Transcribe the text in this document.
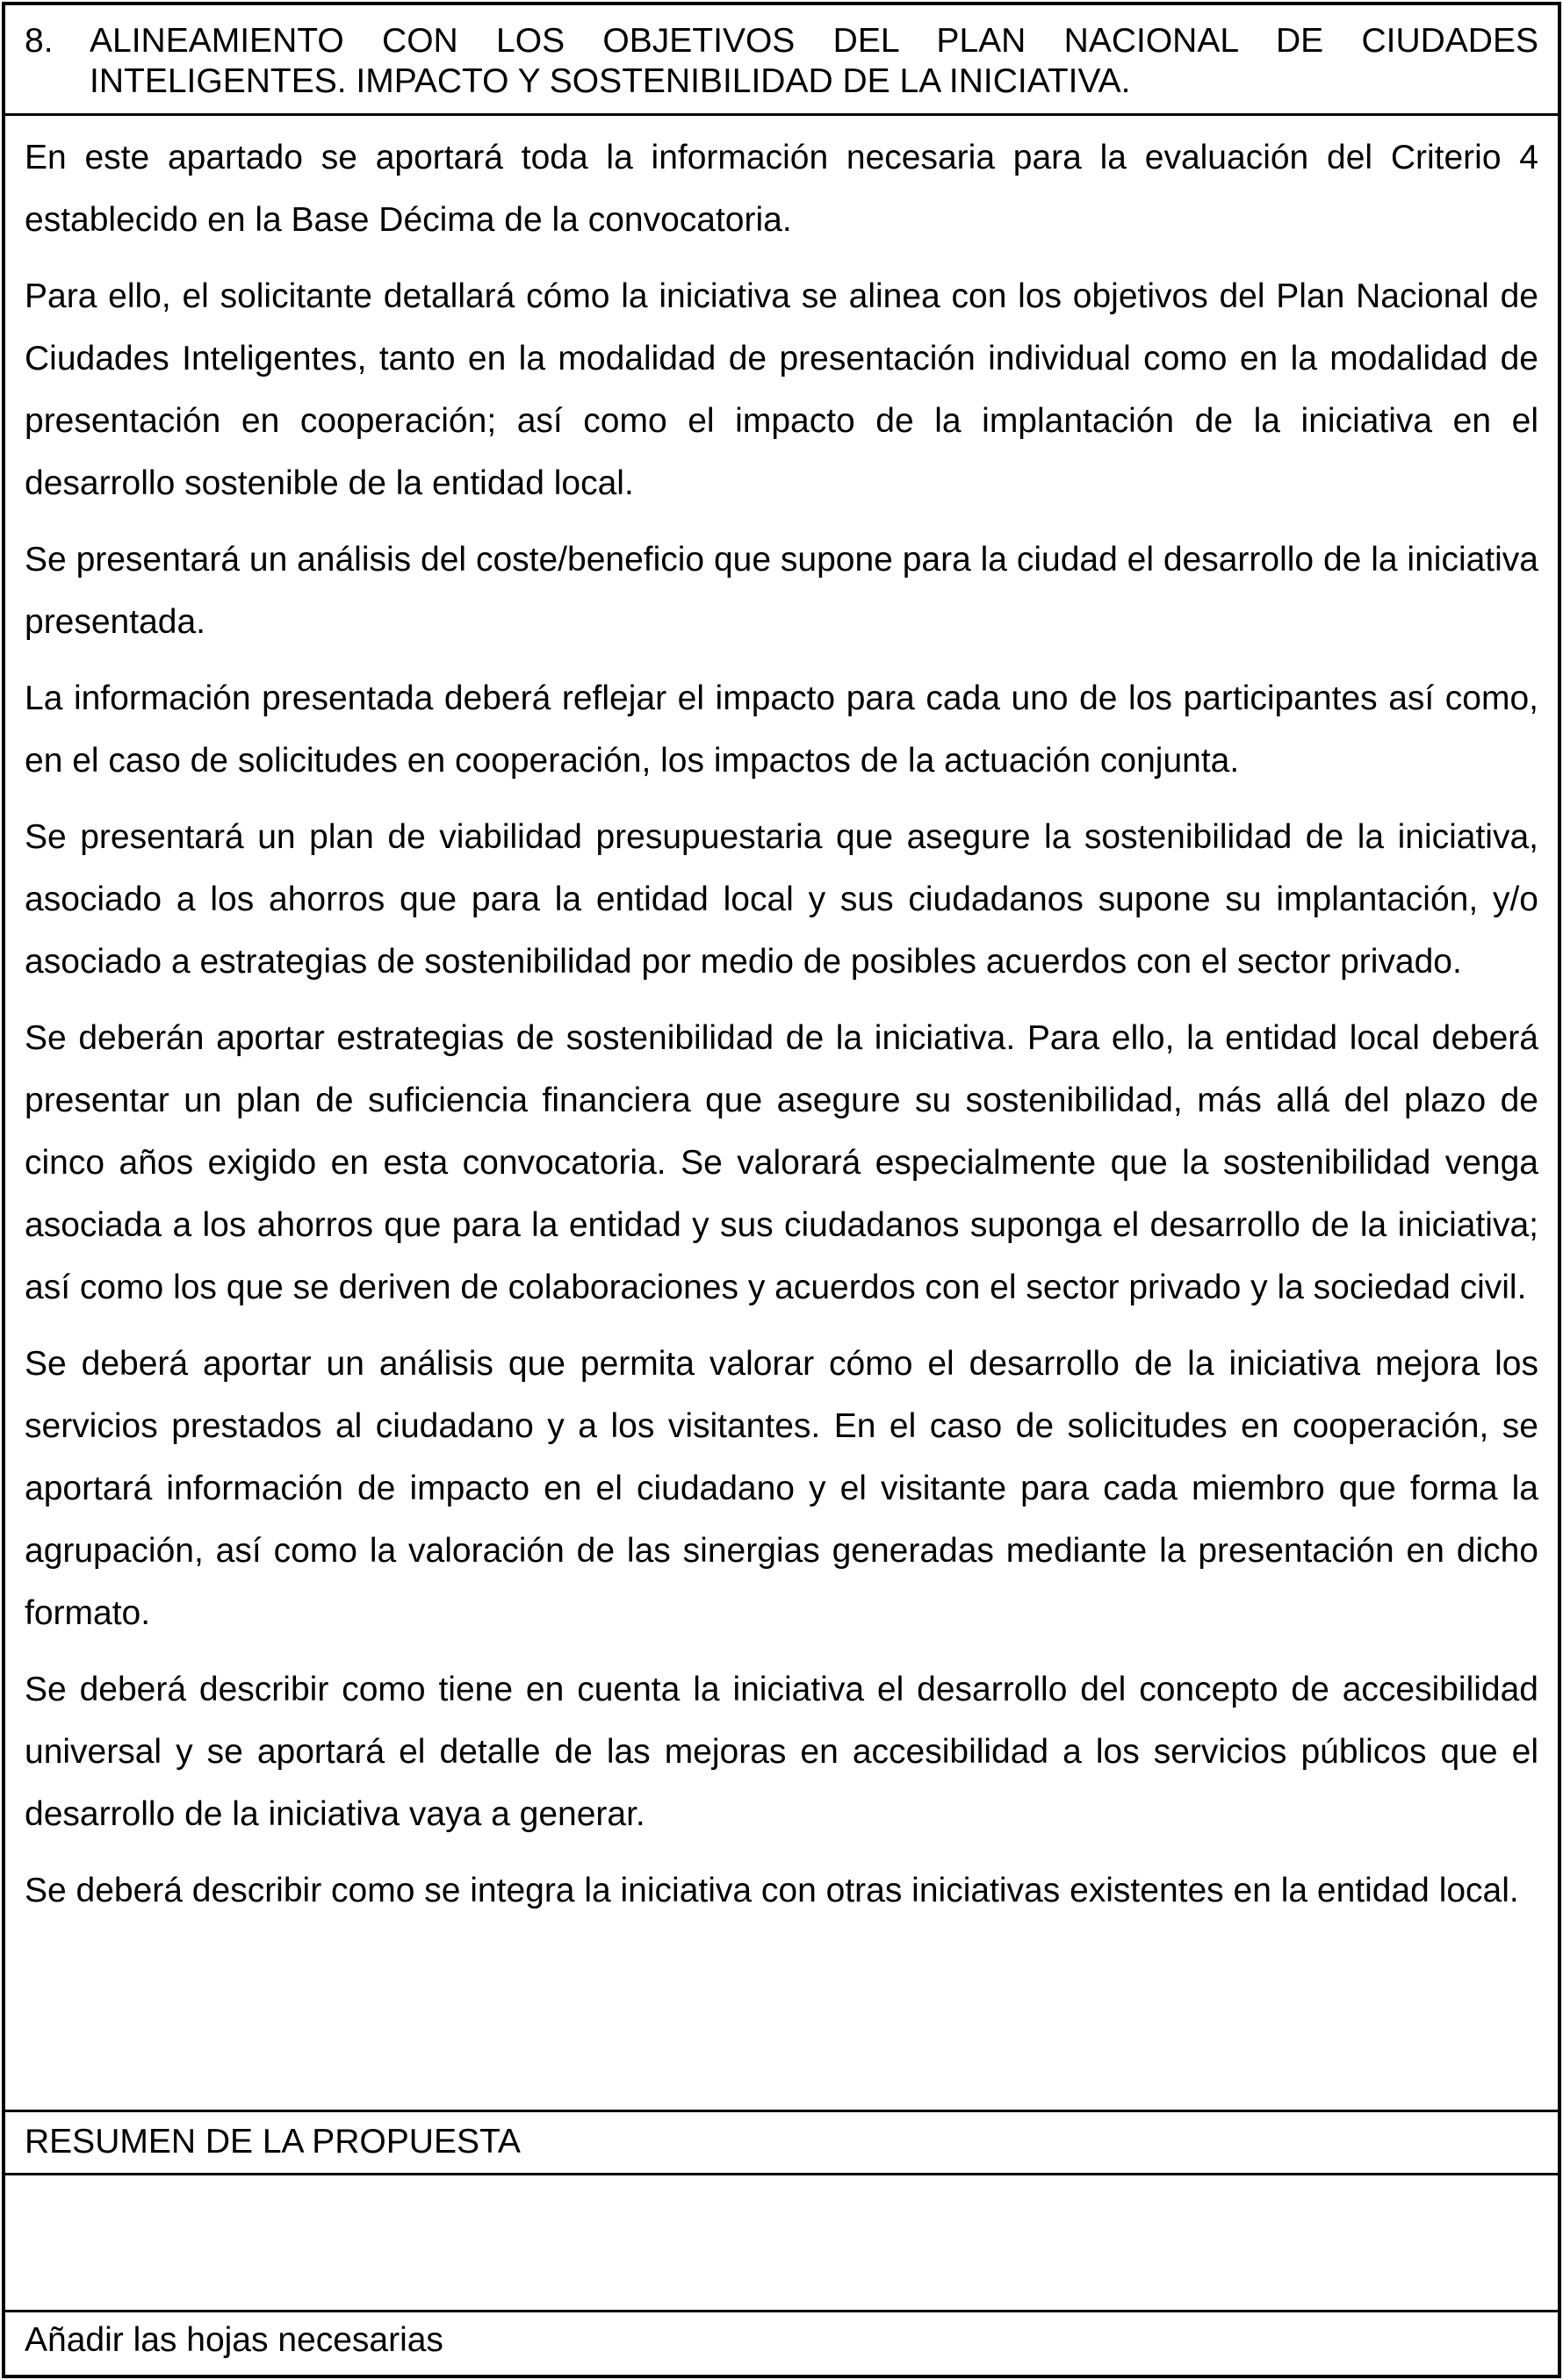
8.	ALINEAMIENTO CON LOS OBJETIVOS DEL PLAN NACIONAL DE CIUDADES INTELIGENTES. IMPACTO Y SOSTENIBILIDAD DE LA INICIATIVA.

En este apartado se aportará toda la información necesaria para la evaluación del Criterio 4 establecido en la Base Décima de la convocatoria.

Para ello, el solicitante detallará cómo la iniciativa se alinea con los objetivos del Plan Nacional de Ciudades Inteligentes, tanto en la modalidad de presentación individual como en la modalidad de presentación en cooperación; así como el impacto de la implantación de la iniciativa en el desarrollo sostenible de la entidad local.

Se presentará un análisis del coste/beneficio que supone para la ciudad el desarrollo de la iniciativa presentada.

La información presentada deberá reflejar el impacto para cada uno de los participantes así como, en el caso de solicitudes en cooperación, los impactos de la actuación conjunta.

Se presentará un plan de viabilidad presupuestaria que asegure la sostenibilidad de la iniciativa, asociado a los ahorros que para la entidad local y sus ciudadanos supone su implantación, y/o asociado a estrategias de sostenibilidad por medio de posibles acuerdos con el sector privado.

Se deberán aportar estrategias de sostenibilidad de la iniciativa. Para ello, la entidad local deberá presentar un plan de suficiencia financiera que asegure su sostenibilidad, más allá del plazo de cinco años exigido en esta convocatoria. Se valorará especialmente que la sostenibilidad venga asociada a los ahorros que para la entidad y sus ciudadanos suponga el desarrollo de la iniciativa; así como los que se deriven de colaboraciones y acuerdos con el sector privado y la sociedad civil.

Se deberá aportar un análisis que permita valorar cómo el desarrollo de la iniciativa mejora los servicios prestados al ciudadano y a los visitantes. En el caso de solicitudes en cooperación, se aportará información de impacto en el ciudadano y el visitante para cada miembro que forma la agrupación, así como la valoración de las sinergias generadas mediante la presentación en dicho formato.

Se deberá describir como tiene en cuenta la iniciativa el desarrollo del concepto de accesibilidad universal y se aportará el detalle de las mejoras en accesibilidad a los servicios públicos que el desarrollo de la iniciativa vaya a generar.

Se deberá describir como se integra la iniciativa con otras iniciativas existentes en la entidad local.

RESUMEN DE LA PROPUESTA
Añadir las hojas necesarias
